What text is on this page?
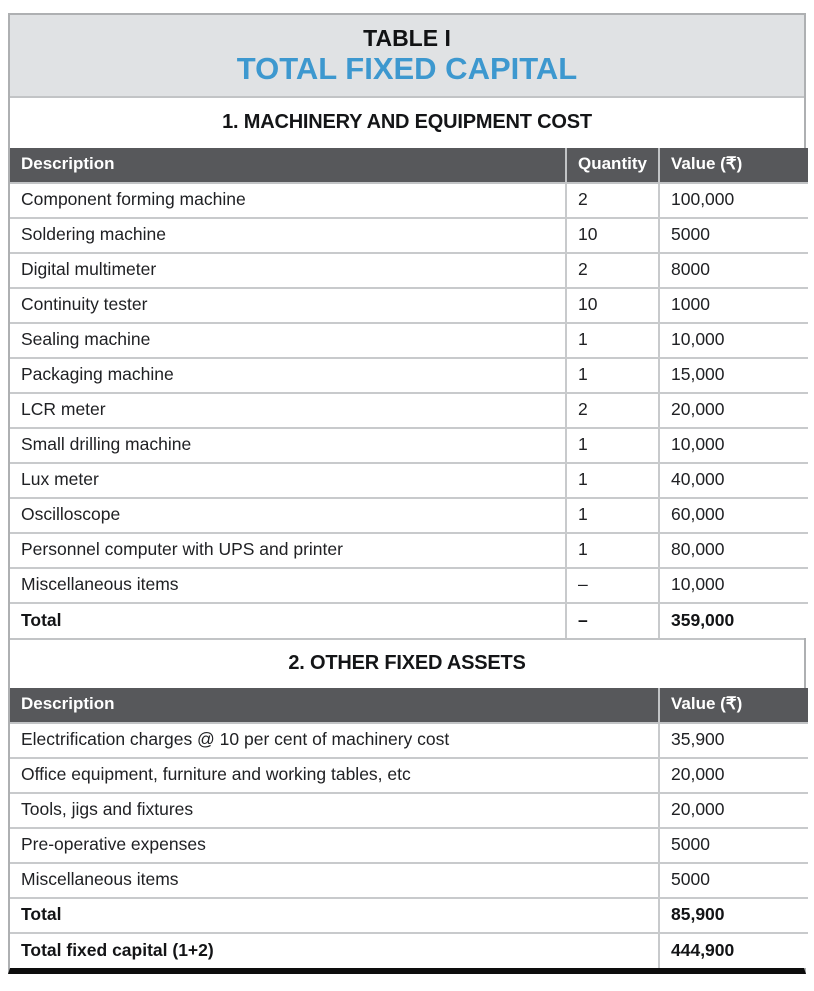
TABLE I
TOTAL FIXED CAPITAL
1. MACHINERY AND EQUIPMENT COST
Description	Quantity	Value (₹)
Component forming machine	2	100,000
Soldering machine	10	5000
Digital multimeter	2	8000
Continuity tester	10	1000
Sealing machine	1	10,000
Packaging machine	1	15,000
LCR meter	2	20,000
Small drilling machine	1	10,000
Lux meter	1	40,000
Oscilloscope	1	60,000
Personnel computer with UPS and printer	1	80,000
Miscellaneous items	–	10,000
Total	–	359,000
2. OTHER FIXED ASSETS
Description	Value (₹)
Electrification charges @ 10 per cent of machinery cost	35,900
Office equipment, furniture and working tables, etc	20,000
Tools, jigs and fixtures	20,000
Pre-operative expenses	5000
Miscellaneous items	5000
Total	85,900
Total fixed capital (1+2)	444,900
